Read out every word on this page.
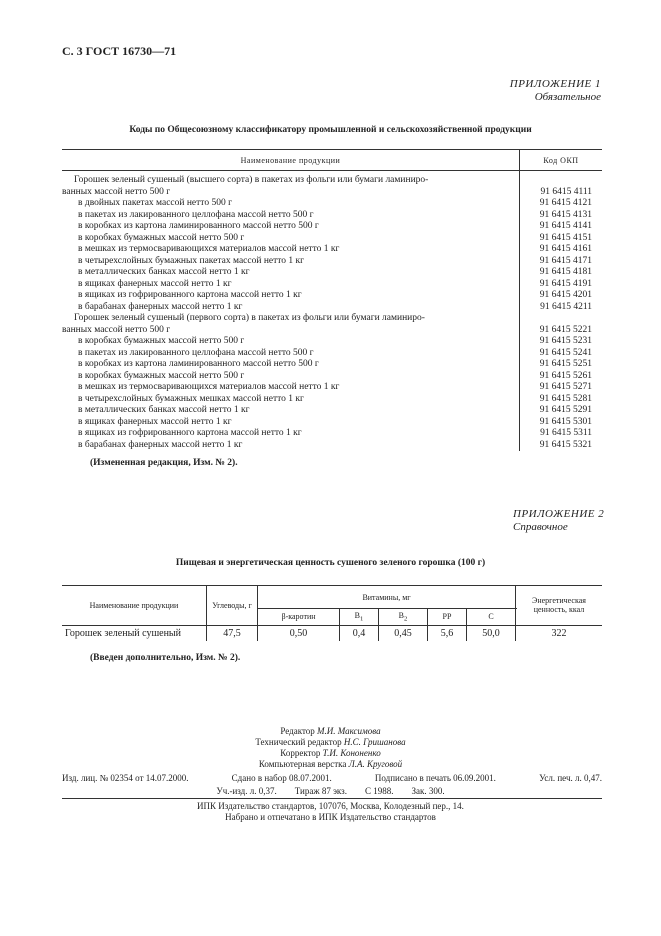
С. 3 ГОСТ 16730—71
ПРИЛОЖЕНИЕ 1
Обязательное
Коды по Общесоюзному классификатору промышленной и сельскохозяйственной продукции
Наименование продукции	Код ОКП
Горошек зеленый сушеный (высшего сорта) в пакетах из фольги или бумаги ламиниро-	
ванных массой нетто 500 г	91 6415 4111
в двойных пакетах массой нетто 500 г	91 6415 4121
в пакетах из лакированного целлофана массой нетто 500 г	91 6415 4131
в коробках из картона ламинированного массой нетто 500 г	91 6415 4141
в коробках бумажных массой нетто 500 г	91 6415 4151
в мешках из термосваривающихся материалов массой нетто 1 кг	91 6415 4161
в четырехслойных бумажных пакетах массой нетто 1 кг	91 6415 4171
в металлических банках массой нетто 1 кг	91 6415 4181
в ящиках фанерных массой нетто 1 кг	91 6415 4191
в ящиках из гофрированного картона массой нетто 1 кг	91 6415 4201
в барабанах фанерных массой нетто 1 кг	91 6415 4211
Горошек зеленый сушеный (первого сорта) в пакетах из фольги или бумаги ламиниро-	
ванных массой нетто 500 г	91 6415 5221
в коробках бумажных массой нетто 500 г	91 6415 5231
в пакетах из лакированного целлофана массой нетто 500 г	91 6415 5241
в коробках из картона ламинированного массой нетто 500 г	91 6415 5251
в коробках бумажных массой нетто 500 г	91 6415 5261
в мешках из термосваривающихся материалов массой нетто 1 кг	91 6415 5271
в четырехслойных бумажных мешках массой нетто 1 кг	91 6415 5281
в металлических банках массой нетто 1 кг	91 6415 5291
в ящиках фанерных массой нетто 1 кг	91 6415 5301
в ящиках из гофрированного картона массой нетто 1 кг	91 6415 5311
в барабанах фанерных массой нетто 1 кг	91 6415 5321
(Измененная редакция, Изм. № 2).
ПРИЛОЖЕНИЕ 2
Справочное
Пищевая и энергетическая ценность сушеного зеленого горошка (100 г)
Наименование продукции	Углеводы, г	Витамины, мг					Энергетическая ценность, ккал
		β-каротин	$В_1$	$В_2$	РР	С	
Горошек зеленый сушеный	47,5	0,50	0,4	0,45	5,6	50,0	322
(Введен дополнительно, Изм. № 2).
Редактор М.И. Максимова
Технический редактор Н.С. Гришанова
Корректор Т.И. Кононенко
Компьютерная верстка Л.А. Круговой
Изд. лиц. № 02354 от 14.07.2000.	Сдано в набор 08.07.2001.	Подписано в печать 06.09.2001.	Усл. печ. л. 0,47.
Уч.-изд. л. 0,37. Тираж 87 экз. С 1988. Зак. 300.
ИПК Издательство стандартов, 107076, Москва, Колодезный пер., 14.
Набрано и отпечатано в ИПК Издательство стандартов
